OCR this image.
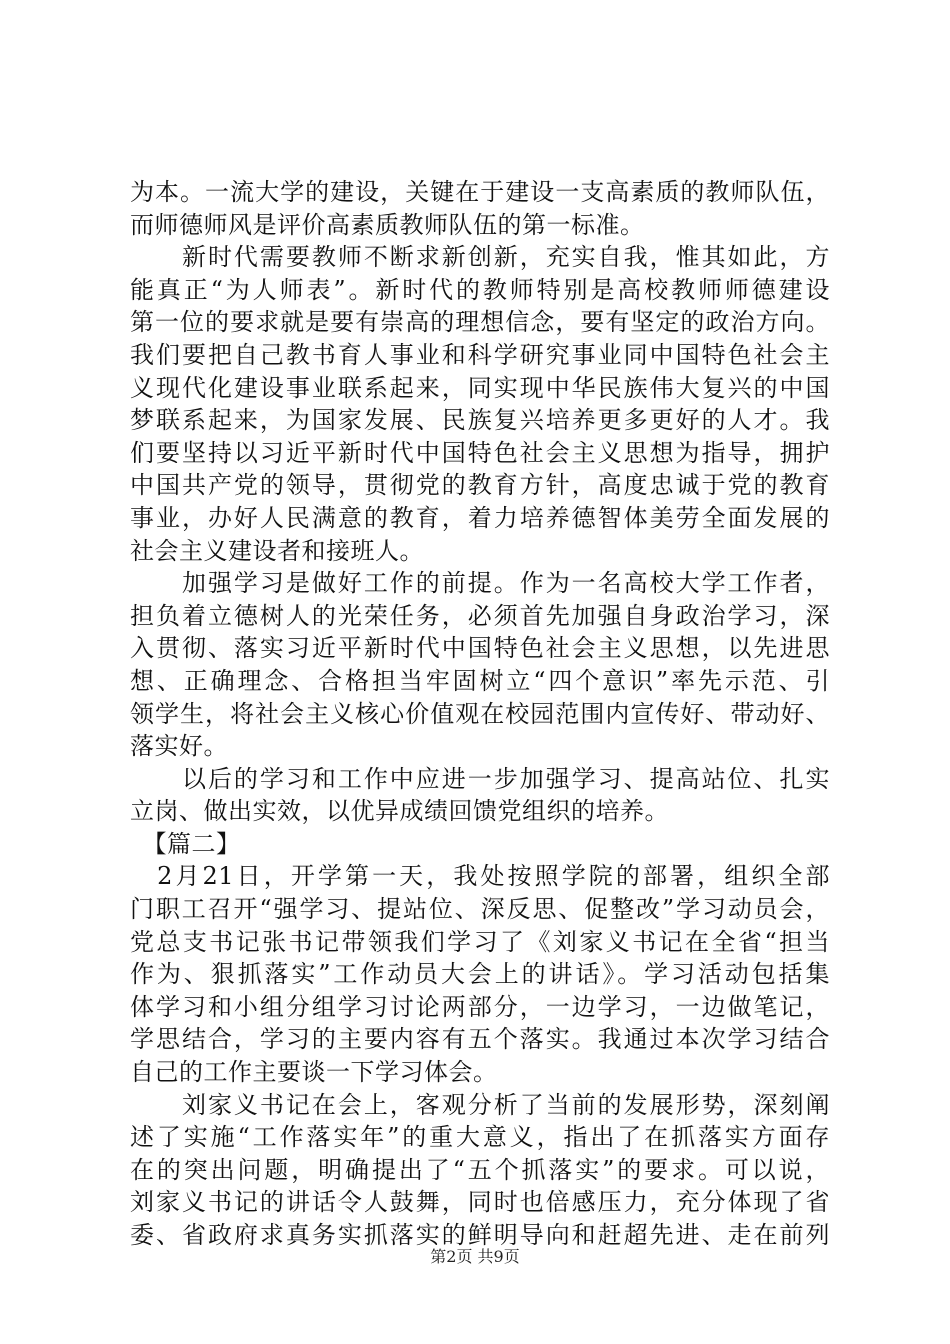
为本。一流大学的建设，关键在于建设一支高素质的教师队伍，
而师德师风是评价高素质教师队伍的第一标准。
　　新时代需要教师不断求新创新，充实自我，惟其如此，方
能真正“为人师表”。新时代的教师特别是高校教师师德建设
第一位的要求就是要有崇高的理想信念，要有坚定的政治方向。
我们要把自己教书育人事业和科学研究事业同中国特色社会主
义现代化建设事业联系起来，同实现中华民族伟大复兴的中国
梦联系起来，为国家发展、民族复兴培养更多更好的人才。我
们要坚持以习近平新时代中国特色社会主义思想为指导，拥护
中国共产党的领导，贯彻党的教育方针，高度忠诚于党的教育
事业，办好人民满意的教育，着力培养德智体美劳全面发展的
社会主义建设者和接班人。
　　加强学习是做好工作的前提。作为一名高校大学工作者，
担负着立德树人的光荣任务，必须首先加强自身政治学习，深
入贯彻、落实习近平新时代中国特色社会主义思想，以先进思
想、正确理念、合格担当牢固树立“四个意识”率先示范、引
领学生，将社会主义核心价值观在校园范围内宣传好、带动好、
落实好。
　　以后的学习和工作中应进一步加强学习、提高站位、扎实
立岗、做出实效，以优异成绩回馈党组织的培养。
　【篇二】
　2月21日，开学第一天，我处按照学院的部署，组织全部
门职工召开“强学习、提站位、深反思、促整改”学习动员会，
党总支书记张书记带领我们学习了《刘家义书记在全省“担当
作为、狠抓落实”工作动员大会上的讲话》。学习活动包括集
体学习和小组分组学习讨论两部分，一边学习，一边做笔记，
学思结合，学习的主要内容有五个落实。我通过本次学习结合
自己的工作主要谈一下学习体会。
　　刘家义书记在会上，客观分析了当前的发展形势，深刻阐
述了实施“工作落实年”的重大意义，指出了在抓落实方面存
在的突出问题，明确提出了“五个抓落实”的要求。可以说，
刘家义书记的讲话令人鼓舞，同时也倍感压力，充分体现了省
委、省政府求真务实抓落实的鲜明导向和赶超先进、走在前列
第2页 共9页
